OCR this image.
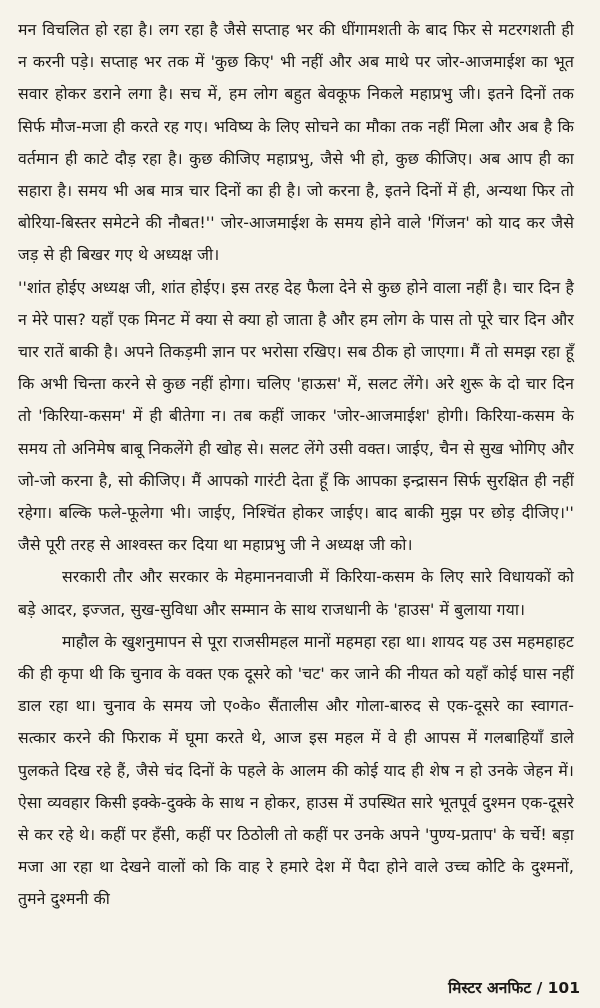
मन विचलित हो रहा है। लग रहा है जैसे सप्ताह भर की धींगामशती के बाद फिर से मटरगशती ही न करनी पड़े। सप्ताह भर तक में 'कुछ किए' भी नहीं और अब माथे पर जोर-आजमाईश का भूत सवार होकर डराने लगा है। सच में, हम लोग बहुत बेवकूफ निकले महाप्रभु जी। इतने दिनों तक सिर्फ मौज-मजा ही करते रह गए। भविष्य के लिए सोचने का मौका तक नहीं मिला और अब है कि वर्तमान ही काटे दौड़ रहा है। कुछ कीजिए महाप्रभु, जैसे भी हो, कुछ कीजिए। अब आप ही का सहारा है। समय भी अब मात्र चार दिनों का ही है। जो करना है, इतने दिनों में ही, अन्यथा फिर तो बोरिया-बिस्तर समेटने की नौबत!'' जोर-आजमाईश के समय होने वाले 'गिंजन' को याद कर जैसे जड़ से ही बिखर गए थे अध्यक्ष जी।

''शांत होईए अध्यक्ष जी, शांत होईए। इस तरह देह फैला देने से कुछ होने वाला नहीं है। चार दिन है न मेरे पास? यहाँ एक मिनट में क्या से क्या हो जाता है और हम लोग के पास तो पूरे चार दिन और चार रातें बाकी है। अपने तिकड़मी ज्ञान पर भरोसा रखिए। सब ठीक हो जाएगा। मैं तो समझ रहा हूँ कि अभी चिन्ता करने से कुछ नहीं होगा। चलिए 'हाऊस' में, सलट लेंगे। अरे शुरू के दो चार दिन तो 'किरिया-कसम' में ही बीतेगा न। तब कहीं जाकर 'जोर-आजमाईश' होगी। किरिया-कसम के समय तो अनिमेष बाबू निकलेंगे ही खोह से। सलट लेंगे उसी वक्त। जाईए, चैन से सुख भोगिए और जो-जो करना है, सो कीजिए। मैं आपको गारंटी देता हूँ कि आपका इन्द्रासन सिर्फ सुरक्षित ही नहीं रहेगा। बल्कि फले-फूलेगा भी। जाईए, निश्चिंत होकर जाईए। बाद बाकी मुझ पर छोड़ दीजिए।'' जैसे पूरी तरह से आश्वस्त कर दिया था महाप्रभु जी ने अध्यक्ष जी को।

सरकारी तौर और सरकार के मेहमाननवाजी में किरिया-कसम के लिए सारे विधायकों को बड़े आदर, इज्जत, सुख-सुविधा और सम्मान के साथ राजधानी के 'हाउस' में बुलाया गया।

माहौल के खुशनुमापन से पूरा राजसीमहल मानों महमहा रहा था। शायद यह उस महमहाहट की ही कृपा थी कि चुनाव के वक्त एक दूसरे को 'चट' कर जाने की नीयत को यहाँ कोई घास नहीं डाल रहा था। चुनाव के समय जो ए०के० सैंतालीस और गोला-बारुद से एक-दूसरे का स्वागत-सत्कार करने की फिराक में घूमा करते थे, आज इस महल में वे ही आपस में गलबाहियाँ डाले पुलकते दिख रहे हैं, जैसे चंद दिनों के पहले के आलम की कोई याद ही शेष न हो उनके जेहन में। ऐसा व्यवहार किसी इक्के-दुक्के के साथ न होकर, हाउस में उपस्थित सारे भूतपूर्व दुश्मन एक-दूसरे से कर रहे थे। कहीं पर हँसी, कहीं पर ठिठोली तो कहीं पर उनके अपने 'पुण्य-प्रताप' के चर्चे! बड़ा मजा आ रहा था देखने वालों को कि वाह रे हमारे देश में पैदा होने वाले उच्च कोटि के दुश्मनों, तुमने दुश्मनी की

मिस्टर अनफिट / 101
